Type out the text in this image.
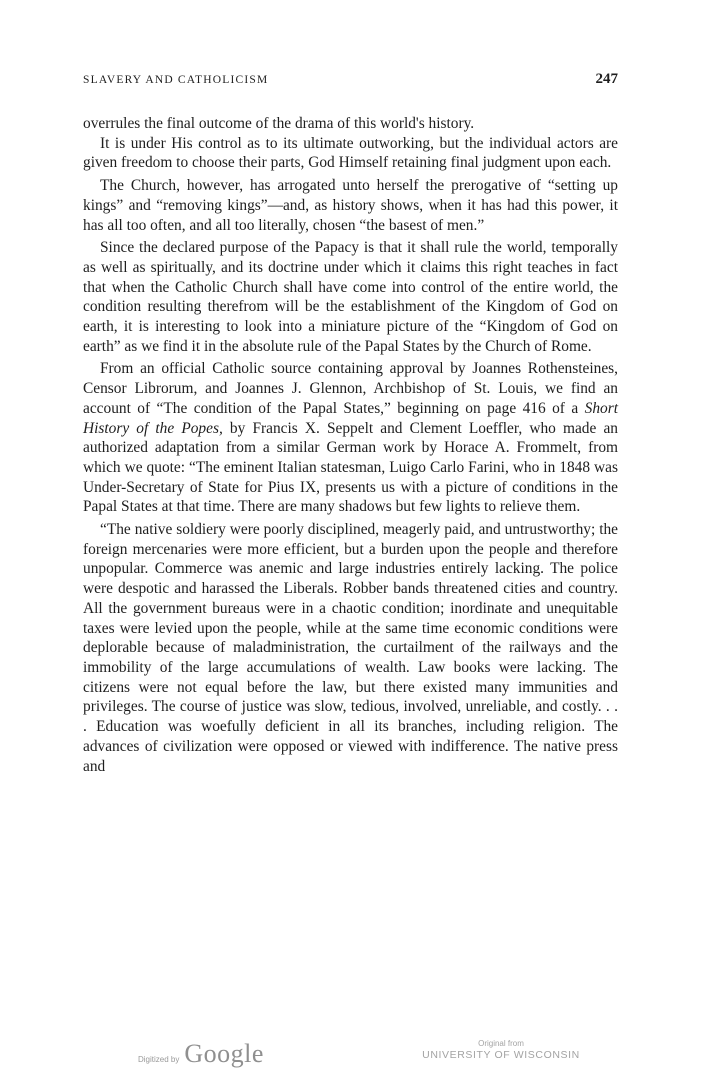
SLAVERY AND CATHOLICISM	247

overrules the final outcome of the drama of this world's history.

It is under His control as to its ultimate outworking, but the individual actors are given freedom to choose their parts, God Himself retaining final judgment upon each.

The Church, however, has arrogated unto herself the prerogative of “setting up kings” and “removing kings”—and, as history shows, when it has had this power, it has all too often, and all too literally, chosen “the basest of men.”

Since the declared purpose of the Papacy is that it shall rule the world, temporally as well as spiritually, and its doctrine under which it claims this right teaches in fact that when the Catholic Church shall have come into control of the entire world, the condition resulting therefrom will be the establishment of the Kingdom of God on earth, it is interesting to look into a miniature picture of the “Kingdom of God on earth” as we find it in the absolute rule of the Papal States by the Church of Rome.

From an official Catholic source containing approval by Joannes Rothensteines, Censor Librorum, and Joannes J. Glennon, Archbishop of St. Louis, we find an account of “The condition of the Papal States,” beginning on page 416 of a Short History of the Popes, by Francis X. Seppelt and Clement Loeffler, who made an authorized adaptation from a similar German work by Horace A. Frommelt, from which we quote: “The eminent Italian statesman, Luigo Carlo Farini, who in 1848 was Under-Secretary of State for Pius IX, presents us with a picture of conditions in the Papal States at that time. There are many shadows but few lights to relieve them.

“The native soldiery were poorly disciplined, meagerly paid, and untrustworthy; the foreign mercenaries were more efficient, but a burden upon the people and therefore unpopular. Commerce was anemic and large industries entirely lacking. The police were despotic and harassed the Liberals. Robber bands threatened cities and country. All the government bureaus were in a chaotic condition; inordinate and unequitable taxes were levied upon the people, while at the same time economic conditions were deplorable because of maladministration, the curtailment of the railways and the immobility of the large accumulations of wealth. Law books were lacking. The citizens were not equal before the law, but there existed many immunities and privileges. The course of justice was slow, tedious, involved, unreliable, and costly. . . . Education was woefully deficient in all its branches, including religion. The advances of civilization were opposed or viewed with indifference. The native press and

Digitized by Google	Original from
UNIVERSITY OF WISCONSIN
